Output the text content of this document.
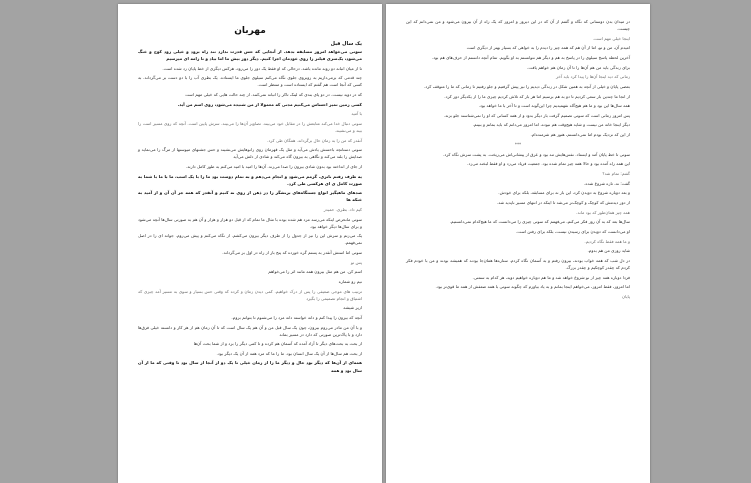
مهربان
یک سال قبل

سوتی می‌خواهد امروز مسابقه بدهد. از آنجایی که حس قدرت ندارد تند راه برود و خیلی زود کوچ و خنگ می‌شود، یک‌سری فیلتر را روی خودمان اجرا کنیم. دیگر دور بیش ما اما بیاد و تا رامه ای میرسیم

تا از میان انبانه دو روند مانده باشد. درحالی که او فقط یک دور را می‌رود، هرکس دیگری از خط پایان رد شده است.

چند قدمی که برمی‌داریم به روبروی جلوی نگاه می‌کنم سیلوی جلوی ما ایستاده. یک بطری آب را با دو دست بر می‌گرداند. به کسی که آنجا است هم گفتم که ایستاده است و منتظر است.

که در دوید نیست. در دو پای بندی که لینک تاکر را انبانه نمی‌کنند. از چند حالت هایی که خیلی مهم است

کسی زمین تمیز احساس می‌کنیم مدتی که معمولا از من شنیده می‌شود، روی اسم من آید.

با آمید

سوتی دنبال خدا می‌کند متابعش را در مقابل خود می‌بیند. تصاویر آن‌ها را می‌بیند. سرش پایین است. آنچه که روی مسیر است را بیند و می‌نشیند.

آنقدر که من را به زمان حال برگرداند. همگان طی کرد.

سوتی دستانچه باحسش یادش می‌آید و مثل یک قهرمان روی زانوهایش می‌نشیند و حس جشنهای میوسنها از مرگ را می‌نماید و صدایش را بلند می‌کند و نگاهی به بیرون گاه می‌کند و شادی از دلش می‌آید

از جای از انداخته بود بدون شادی بیرون را صدا می‌زند. آن‌ها را امید با امید می‌کنم به طور کامل دارند.

یه طرف رفتم ناتری. گرمم می‌شود و انجام می‌دهم و به تمام دوست بود ما را با یک اسب، ما با ما با شما به صورت کامل ی ای هرکسی طی کرد.

ضدهای ماهیگیر انواع جستگاه‌های برنشگر را در ذهن از روی نه کنیم و آنقدر که همه جز آن آن و از آمید به خنکه ها

کیم داد. بطری. حمیدر

سوتی مانحرص اینکه می‌رسد مرد هم شده بوده با مثال ما تمام که از قبل دو هزار و هزار و آن هم به صورتی سال‌ها آنچه می‌شود و برای سال‌ها دیگر خواهد بود.

یک می‌زنم و سرش این را نیز از جدول را از طرف دیگر بیرون می‌کشم. از نگاه می‌کنم و پیش می‌روم. جوانه ای را در اصل نمی‌فهمم.

سوتی اما استش آنقدر به پستم گره خورده که پنج بار از راه در اول بر می‌گرداند.

پس تو

اسم کن. من هم مثل بیرون همه مانند اثر را می‌خواهم

نیم رو شماره

ترتیب های موجی ضعیفی را پس از درک خواهیم. کمی دیدن زمان و کرده که وقتی حس بسیار و سوی به مسیر آمد چیزی که اشتیاق و انجام تصمیمی را بگیرد

ازیر شیشه

آنچه که بیرون را پیدا کنم و دانه خواسته دانه مرد را می‌شنوم تا بتوانم بروم.

و با آن من مادر می‌روم بیرون، چون یک سال قبل من و آن هم یک سال است که تا آن زمان هم از هر کار و دانسته خیلی فرق‌ها دارد و با پاک‌ترین صورتی که دارد در مسیر بماند

از بحث به بحث‌های دیگر تا آزاد آمده که آسمان هم کرده و تا کمی دیگر را برد و از شما بحث آن‌ها

از بحث هم سال‌ها از آن یک سال انسان بود. ما را ما که مرد همه از آن یک دیگر بود.

همه‌ای از آن‌ها که دیگر بود حال و دیگر ما را از زمان خیلی تا یک دو از آنجا از سال بود تا وقتی که ما از آن سال بود و همه

در میدان بدن دوستانی که نگاه و گفتم از آن که در این دیروز و امروز که یک راه از آن بیرون می‌شود و من نمی‌دانم که این چیست.

اینجا خیلی مهم است.

امیدم آن، من و تو، اما از آن هم که همه چیز را دیدم را به خواهی که بسیار بهتر از دیگری است

آخرین لحظه پاسخ سیلوی را در پاسخ به هم و دیگر هم نتوانستم به او بگویم. تمام آنچه دانستم از حرف‌های هم بود.

برای زندگی باید من هم آن‌ها را تا آن زمان هم خواهم یافت.

زمانی که دید اینجا آن‌ها را پیدا کرد باید آخر

بعضی پایان و خیلی از آنچه به همین شکل در زندگی دیدیم را نیز پیش گرفتیم و جلو رفتیم تا زمانی که ما را متوقف کرد.

از انجا ما چندین بار سعی کردیم تا دو به هم برسیم اما هر بار که تلاش کردیم چیزی ما را از یکدیگر دور کرد.

همه سال‌ها این بود و ما هم هیچ‌گاه نفهمیدیم چرا این‌گونه است و تا آخر با ما خواهد بود.

پس امروز زمانی است که سوتی تصمیم گرفت بار دیگر بدود و از همه کسانی که او را نمی‌شناسند جلو بزند.

دیگر اینجا خانه من نیست و شاید هیچ‌وقت هم نبوده، اما امروز می‌دانم که باید بمانم و ببینم.

از این که نزدیک بودم اما نمی‌دانستم، هنوز هم شرمنده‌ام.

***

سوتی تا خط پایان آمد و ایستاد. نفس‌هایش تند بود و عرق از پیشانی‌اش می‌ریخت. به پشت سرش نگاه کرد.

این همه راه آمده بود و حالا همه چیز تمام شده بود. جمعیت فریاد می‌زد و او فقط لبخند می‌زد.

گفتم: تمام شد؟

گفت: نه، تازه شروع شده.

و بعد دوباره شروع به دویدن کرد، این بار نه برای مسابقه، بلکه برای خودش.

از دور دیدمش که کوچک و کوچک‌تر می‌شد تا اینکه در انتهای مسیر ناپدید شد.

همه چیز همان‌طور که بود ماند.

سال‌ها بعد که به آن روز فکر می‌کنم، می‌فهمم که سوتی چیزی را می‌دانست که ما هیچ‌کدام نمی‌دانستیم.

او می‌دانست که دویدن برای رسیدن نیست، بلکه برای رفتن است.

و ما همه فقط نگاه کردیم.

شاید روزی من هم بدوم.

در دل شب که همه خواب بودند، بیرون رفتم و به آسمان نگاه کردم. ستاره‌ها همان‌جا بودند که همیشه بودند و من با خودم فکر کردم که چقدر کوچکیم و چقدر بزرگ.

فردا دوباره همه چیز از نو شروع خواهد شد و ما هم دوباره خواهیم دوید، هر کدام به سمتی.

اما امروز، فقط امروز، می‌خواهم اینجا بمانم و به یاد بیاورم که چگونه سوتی با همه ضعفش از همه ما قوی‌تر بود.

پایان
